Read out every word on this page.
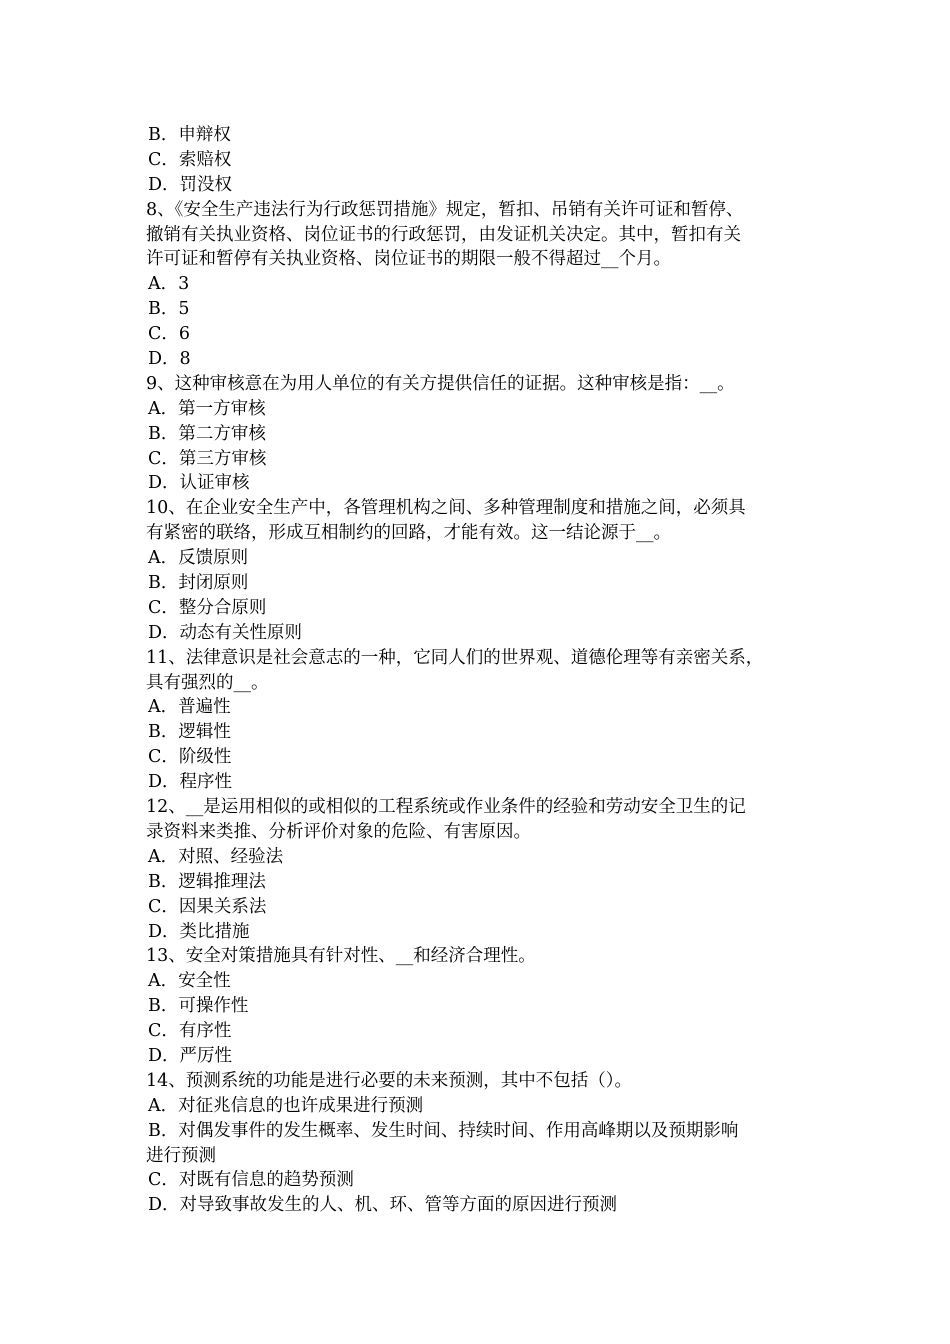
B．申辩权
C．索赔权
D．罚没权
8、《安全生产违法行为行政惩罚措施》规定，暂扣、吊销有关许可证和暂停、
撤销有关执业资格、岗位证书的行政惩罚，由发证机关决定。其中，暂扣有关
许可证和暂停有关执业资格、岗位证书的期限一般不得超过__个月。
A．3
B．5
C．6
D．8
9、这种审核意在为用人单位的有关方提供信任的证据。这种审核是指：__。
A．第一方审核
B．第二方审核
C．第三方审核
D．认证审核
10、在企业安全生产中，各管理机构之间、多种管理制度和措施之间，必须具
有紧密的联络，形成互相制约的回路，才能有效。这一结论源于__。
A．反馈原则
B．封闭原则
C．整分合原则
D．动态有关性原则
11、法律意识是社会意志的一种，它同人们的世界观、道德伦理等有亲密关系，
具有强烈的__。
A．普遍性
B．逻辑性
C．阶级性
D．程序性
12、__是运用相似的或相似的工程系统或作业条件的经验和劳动安全卫生的记
录资料来类推、分析评价对象的危险、有害原因。
A．对照、经验法
B．逻辑推理法
C．因果关系法
D．类比措施
13、安全对策措施具有针对性、__和经济合理性。
A．安全性
B．可操作性
C．有序性
D．严厉性
14、预测系统的功能是进行必要的未来预测，其中不包括（）。
A．对征兆信息的也许成果进行预测
B．对偶发事件的发生概率、发生时间、持续时间、作用高峰期以及预期影响
进行预测
C．对既有信息的趋势预测
D．对导致事故发生的人、机、环、管等方面的原因进行预测
